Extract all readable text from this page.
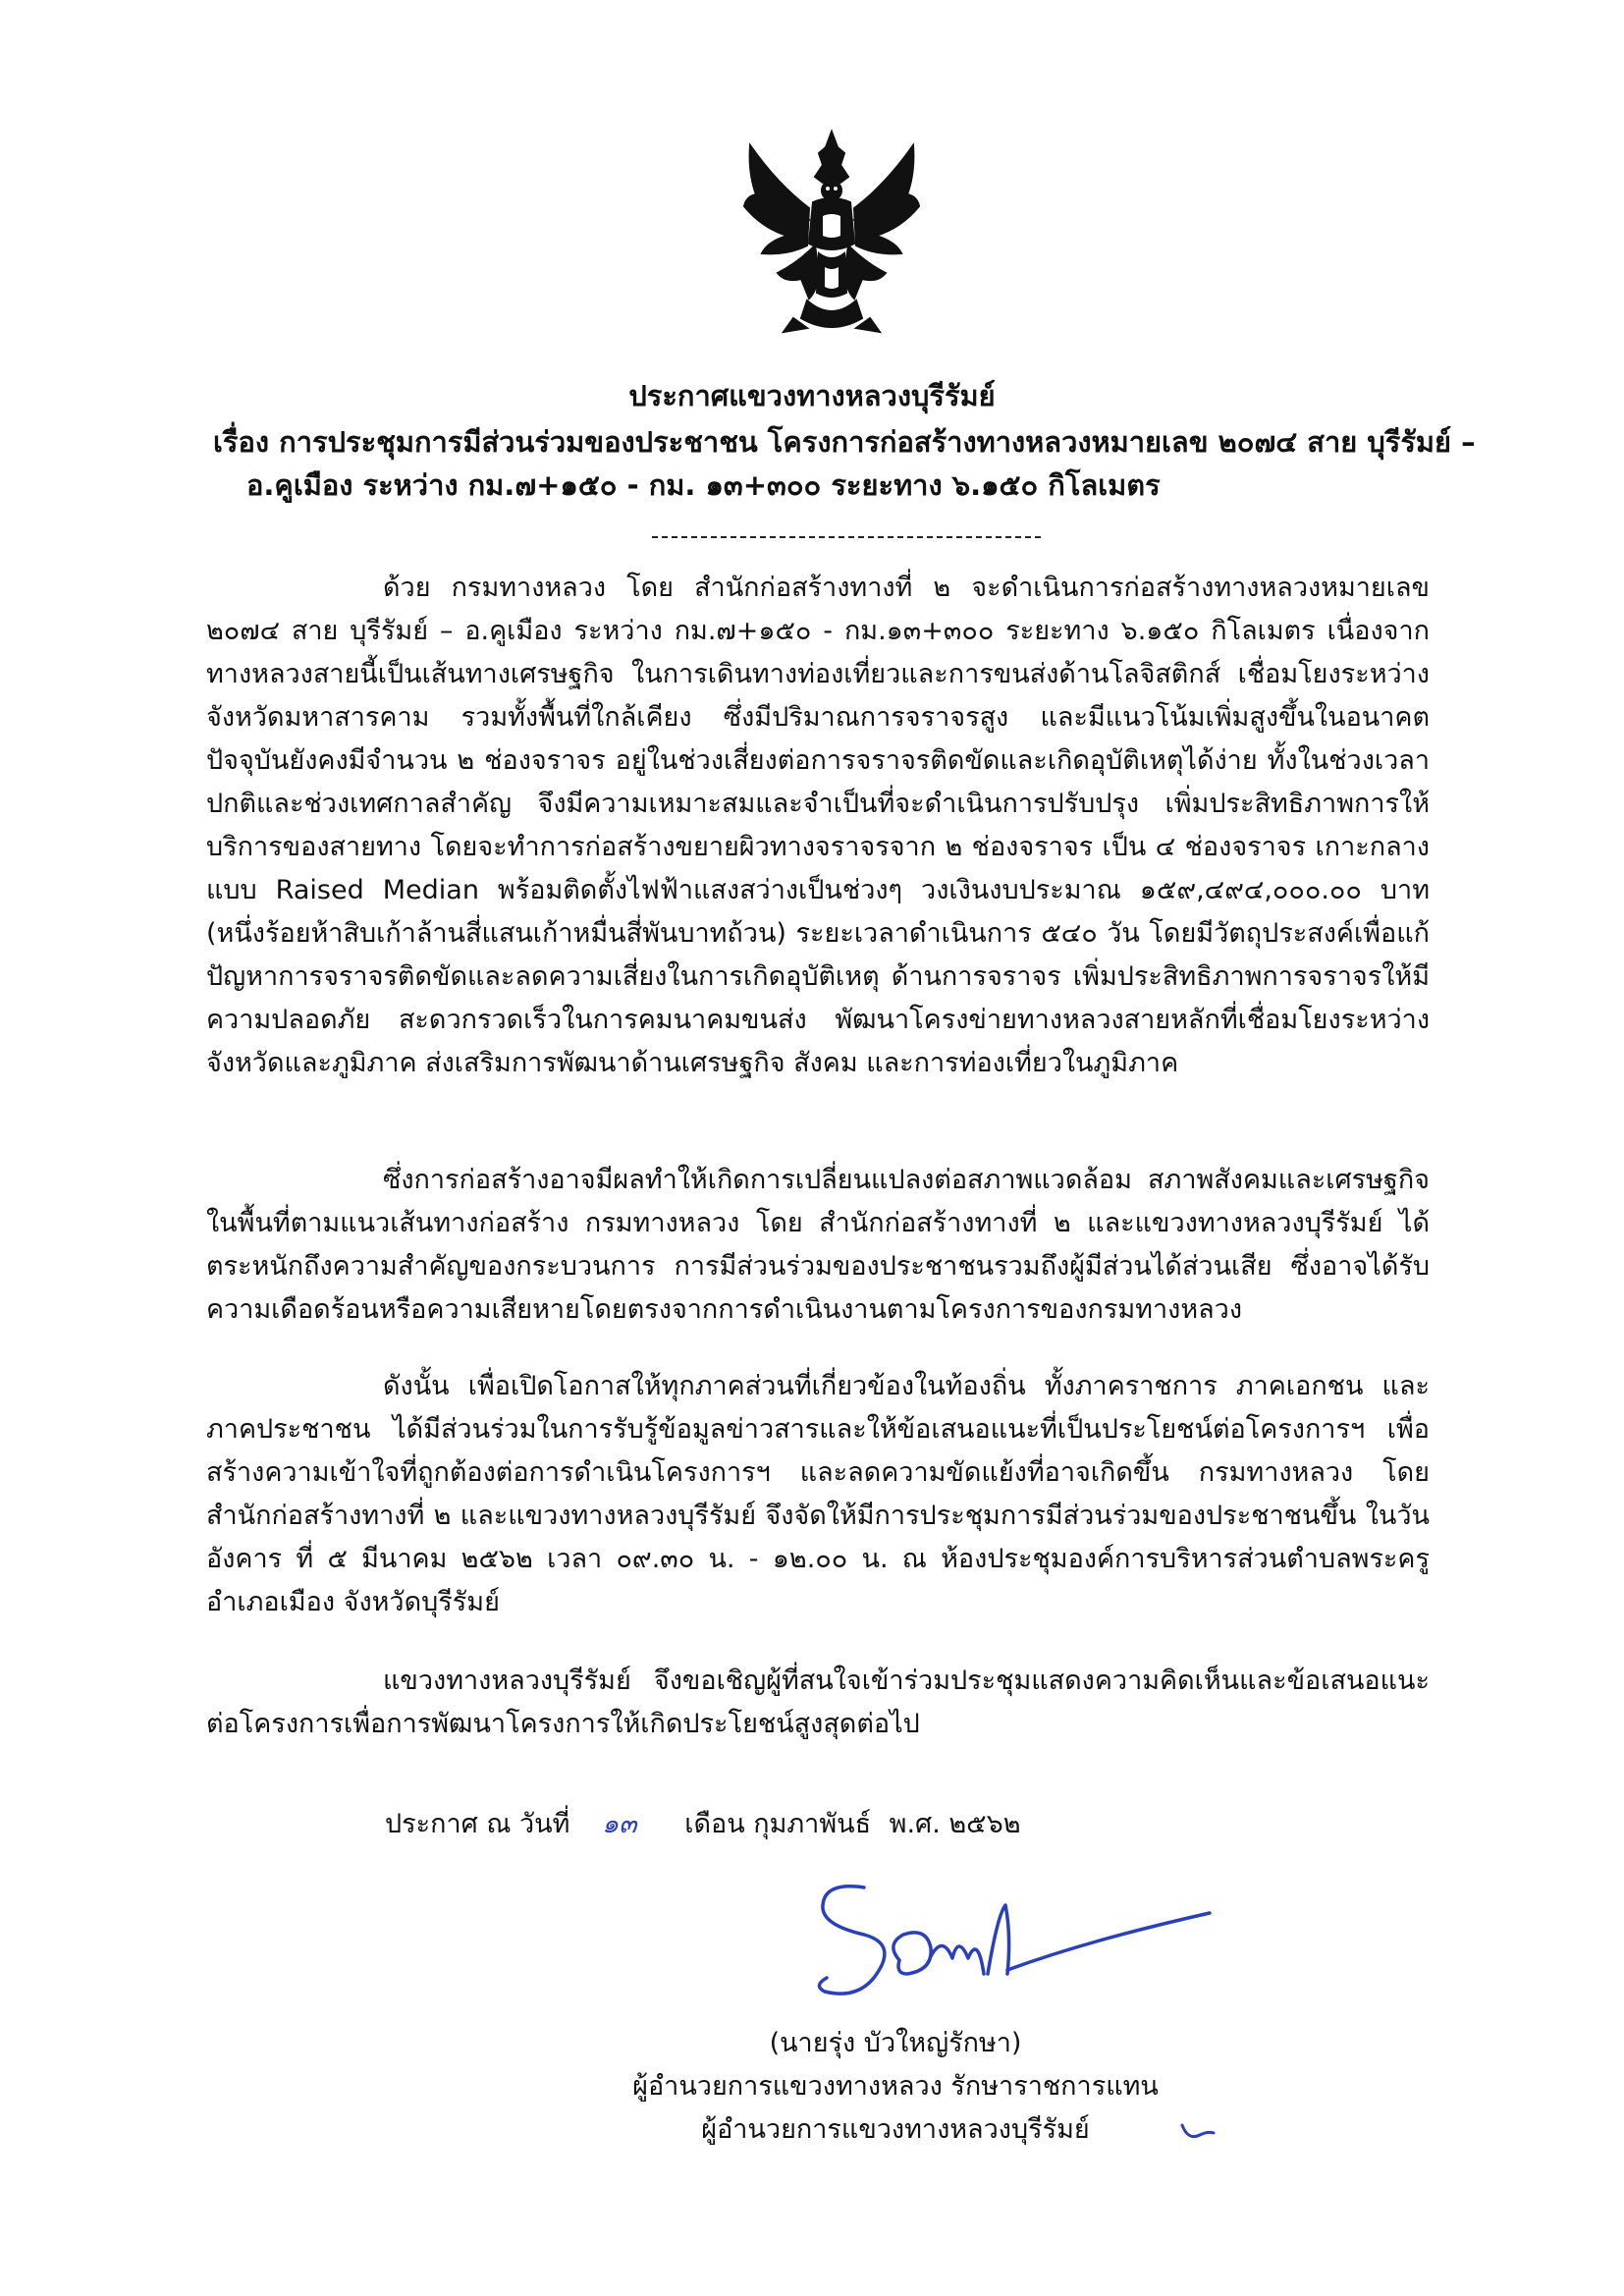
ประกาศแขวงทางหลวงบุรีรัมย์
เรื่อง การประชุมการมีส่วนร่วมของประชาชน โครงการก่อสร้างทางหลวงหมายเลข ๒๐๗๔ สาย บุรีรัมย์ –
อ.คูเมือง ระหว่าง กม.๗+๑๕๐ - กม. ๑๓+๓๐๐ ระยะทาง ๖.๑๕๐ กิโลเมตร

ด้วย กรมทางหลวง โดย สำนักก่อสร้างทางที่ ๒ จะดำเนินการก่อสร้างทางหลวงหมายเลข ๒๐๗๔ สาย บุรีรัมย์ – อ.คูเมือง ระหว่าง กม.๗+๑๕๐ - กม.๑๓+๓๐๐ ระยะทาง ๖.๑๕๐ กิโลเมตร เนื่องจากทางหลวงสายนี้เป็นเส้นทางเศรษฐกิจ ในการเดินทางท่องเที่ยวและการขนส่งด้านโลจิสติกส์ เชื่อมโยงระหว่างจังหวัดมหาสารคาม รวมทั้งพื้นที่ใกล้เคียง ซึ่งมีปริมาณการจราจรสูง และมีแนวโน้มเพิ่มสูงขึ้นในอนาคต ปัจจุบันยังคงมีจำนวน ๒ ช่องจราจร อยู่ในช่วงเสี่ยงต่อการจราจรติดขัดและเกิดอุบัติเหตุได้ง่าย ทั้งในช่วงเวลาปกติและช่วงเทศกาลสำคัญ จึงมีความเหมาะสมและจำเป็นที่จะดำเนินการปรับปรุง เพิ่มประสิทธิภาพการให้บริการของสายทาง โดยจะทำการก่อสร้างขยายผิวทางจราจรจาก ๒ ช่องจราจร เป็น ๔ ช่องจราจร เกาะกลางแบบ Raised Median พร้อมติดตั้งไฟฟ้าแสงสว่างเป็นช่วงๆ วงเงินงบประมาณ ๑๕๙,๔๙๔,๐๐๐.๐๐ บาท (หนึ่งร้อยห้าสิบเก้าล้านสี่แสนเก้าหมื่นสี่พันบาทถ้วน) ระยะเวลาดำเนินการ ๕๔๐ วัน โดยมีวัตถุประสงค์เพื่อแก้ปัญหาการจราจรติดขัดและลดความเสี่ยงในการเกิดอุบัติเหตุ ด้านการจราจร เพิ่มประสิทธิภาพการจราจรให้มีความปลอดภัย สะดวกรวดเร็วในการคมนาคมขนส่ง พัฒนาโครงข่ายทางหลวงสายหลักที่เชื่อมโยงระหว่างจังหวัดและภูมิภาค ส่งเสริมการพัฒนาด้านเศรษฐกิจ สังคม และการท่องเที่ยวในภูมิภาค

ซึ่งการก่อสร้างอาจมีผลทำให้เกิดการเปลี่ยนแปลงต่อสภาพแวดล้อม สภาพสังคมและเศรษฐกิจในพื้นที่ตามแนวเส้นทางก่อสร้าง กรมทางหลวง โดย สำนักก่อสร้างทางที่ ๒ และแขวงทางหลวงบุรีรัมย์ ได้ตระหนักถึงความสำคัญของกระบวนการ การมีส่วนร่วมของประชาชนรวมถึงผู้มีส่วนได้ส่วนเสีย ซึ่งอาจได้รับความเดือดร้อนหรือความเสียหายโดยตรงจากการดำเนินงานตามโครงการของกรมทางหลวง

ดังนั้น เพื่อเปิดโอกาสให้ทุกภาคส่วนที่เกี่ยวข้องในท้องถิ่น ทั้งภาคราชการ ภาคเอกชน และภาคประชาชน ได้มีส่วนร่วมในการรับรู้ข้อมูลข่าวสารและให้ข้อเสนอแนะที่เป็นประโยชน์ต่อโครงการฯ เพื่อสร้างความเข้าใจที่ถูกต้องต่อการดำเนินโครงการฯ และลดความขัดแย้งที่อาจเกิดขึ้น กรมทางหลวง โดยสำนักก่อสร้างทางที่ ๒ และแขวงทางหลวงบุรีรัมย์ จึงจัดให้มีการประชุมการมีส่วนร่วมของประชาชนขึ้น ในวันอังคาร ที่ ๕ มีนาคม ๒๕๖๒ เวลา ๐๙.๓๐ น. - ๑๒.๐๐ น. ณ ห้องประชุมองค์การบริหารส่วนตำบลพระครู อำเภอเมือง จังหวัดบุรีรัมย์

แขวงทางหลวงบุรีรัมย์ จึงขอเชิญผู้ที่สนใจเข้าร่วมประชุมแสดงความคิดเห็นและข้อเสนอแนะต่อโครงการเพื่อการพัฒนาโครงการให้เกิดประโยชน์สูงสุดต่อไป

ประกาศ ณ วันที่ ๑๓ เดือน กุมภาพันธ์ พ.ศ. ๒๕๖๒
(นายรุ่ง บัวใหญ่รักษา)
ผู้อำนวยการแขวงทางหลวง รักษาราชการแทน
ผู้อำนวยการแขวงทางหลวงบุรีรัมย์
